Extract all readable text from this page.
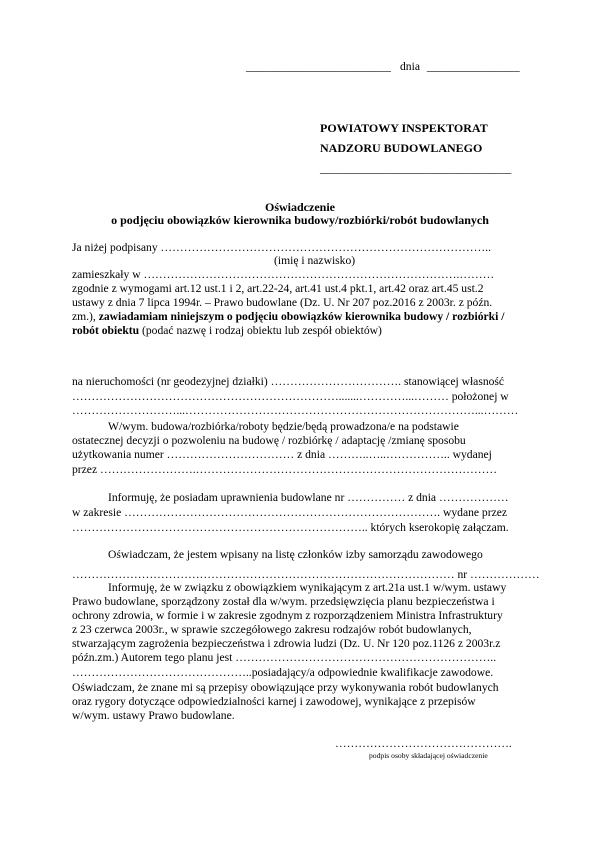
_________________________ dnia ________________
POWIATOWY INSPEKTORAT
NADZORU BUDOWLANEGO
_________________________________
Oświadczenie
o podjęciu obowiązków kierownika budowy/rozbiórki/robót budowlanych
Ja niżej podpisany …………………………………………………………………………..
(imię i nazwisko)
zamieszkały w ……………………………………………………………………….………
zgodnie z wymogami art.12 ust.1 i 2, art.22-24, art.41 ust.4 pkt.1, art.42 oraz art.45 ust.2
ustawy z dnia 7 lipca 1994r. – Prawo budowlane (Dz. U. Nr 207 poz.2016 z 2003r. z późn.
zm.), zawiadamiam niniejszym o podjęciu obowiązków kierownika budowy / rozbiórki /
robót obiektu (podać nazwę i rodzaj obiektu lub zespół obiektów)
na nieruchomości (nr geodezyjnej działki) ……………………………. stanowiącej własność
…………………………………………………………….......…………...……… położonej w
………………………...…………………………………………………………………...………
W/wym. budowa/rozbiórka/roboty będzie/będą prowadzona/e na podstawie
ostatecznej decyzji o pozwoleniu na budowę / rozbiórkę / adaptację /zmianę sposobu
użytkowania numer …………………………… z dnia ………..…..…………….. wydanej
przez …………………….……………………………………………………………………
Informuję, że posiadam uprawnienia budowlane nr …………… z dnia ………………
w zakresie ………………………………………………………………………. wydane przez
………………………………………………………………….. których kserokopię załączam.
Oświadczam, że jestem wpisany na listę członków izby samorządu zawodowego
……………………………………………………………………………………… nr ………………
Informuję, że w związku z obowiązkiem wynikającym z art.21a ust.1 w/wym. ustawy
Prawo budowlane, sporządzony został dla w/wym. przedsięwzięcia planu bezpieczeństwa i
ochrony zdrowia, w formie i w zakresie zgodnym z rozporządzeniem Ministra Infrastruktury
z 23 czerwca 2003r., w sprawie szczegółowego zakresu rodzajów robót budowlanych,
stwarzającym zagrożenia bezpieczeństwa i zdrowia ludzi (Dz. U. Nr 120 poz.1126 z 2003r.z
późn.zm.) Autorem tego planu jest …………………………………………………………..
………………………………………..posiadający/a odpowiednie kwalifikacje zawodowe.
Oświadczam, że znane mi są przepisy obowiązujące przy wykonywania robót budowlanych
oraz rygory dotyczące odpowiedzialności karnej i zawodowej, wynikające z przepisów
w/wym. ustawy Prawo budowlane.
……………………………………….
podpis osoby składającej oświadczenie
